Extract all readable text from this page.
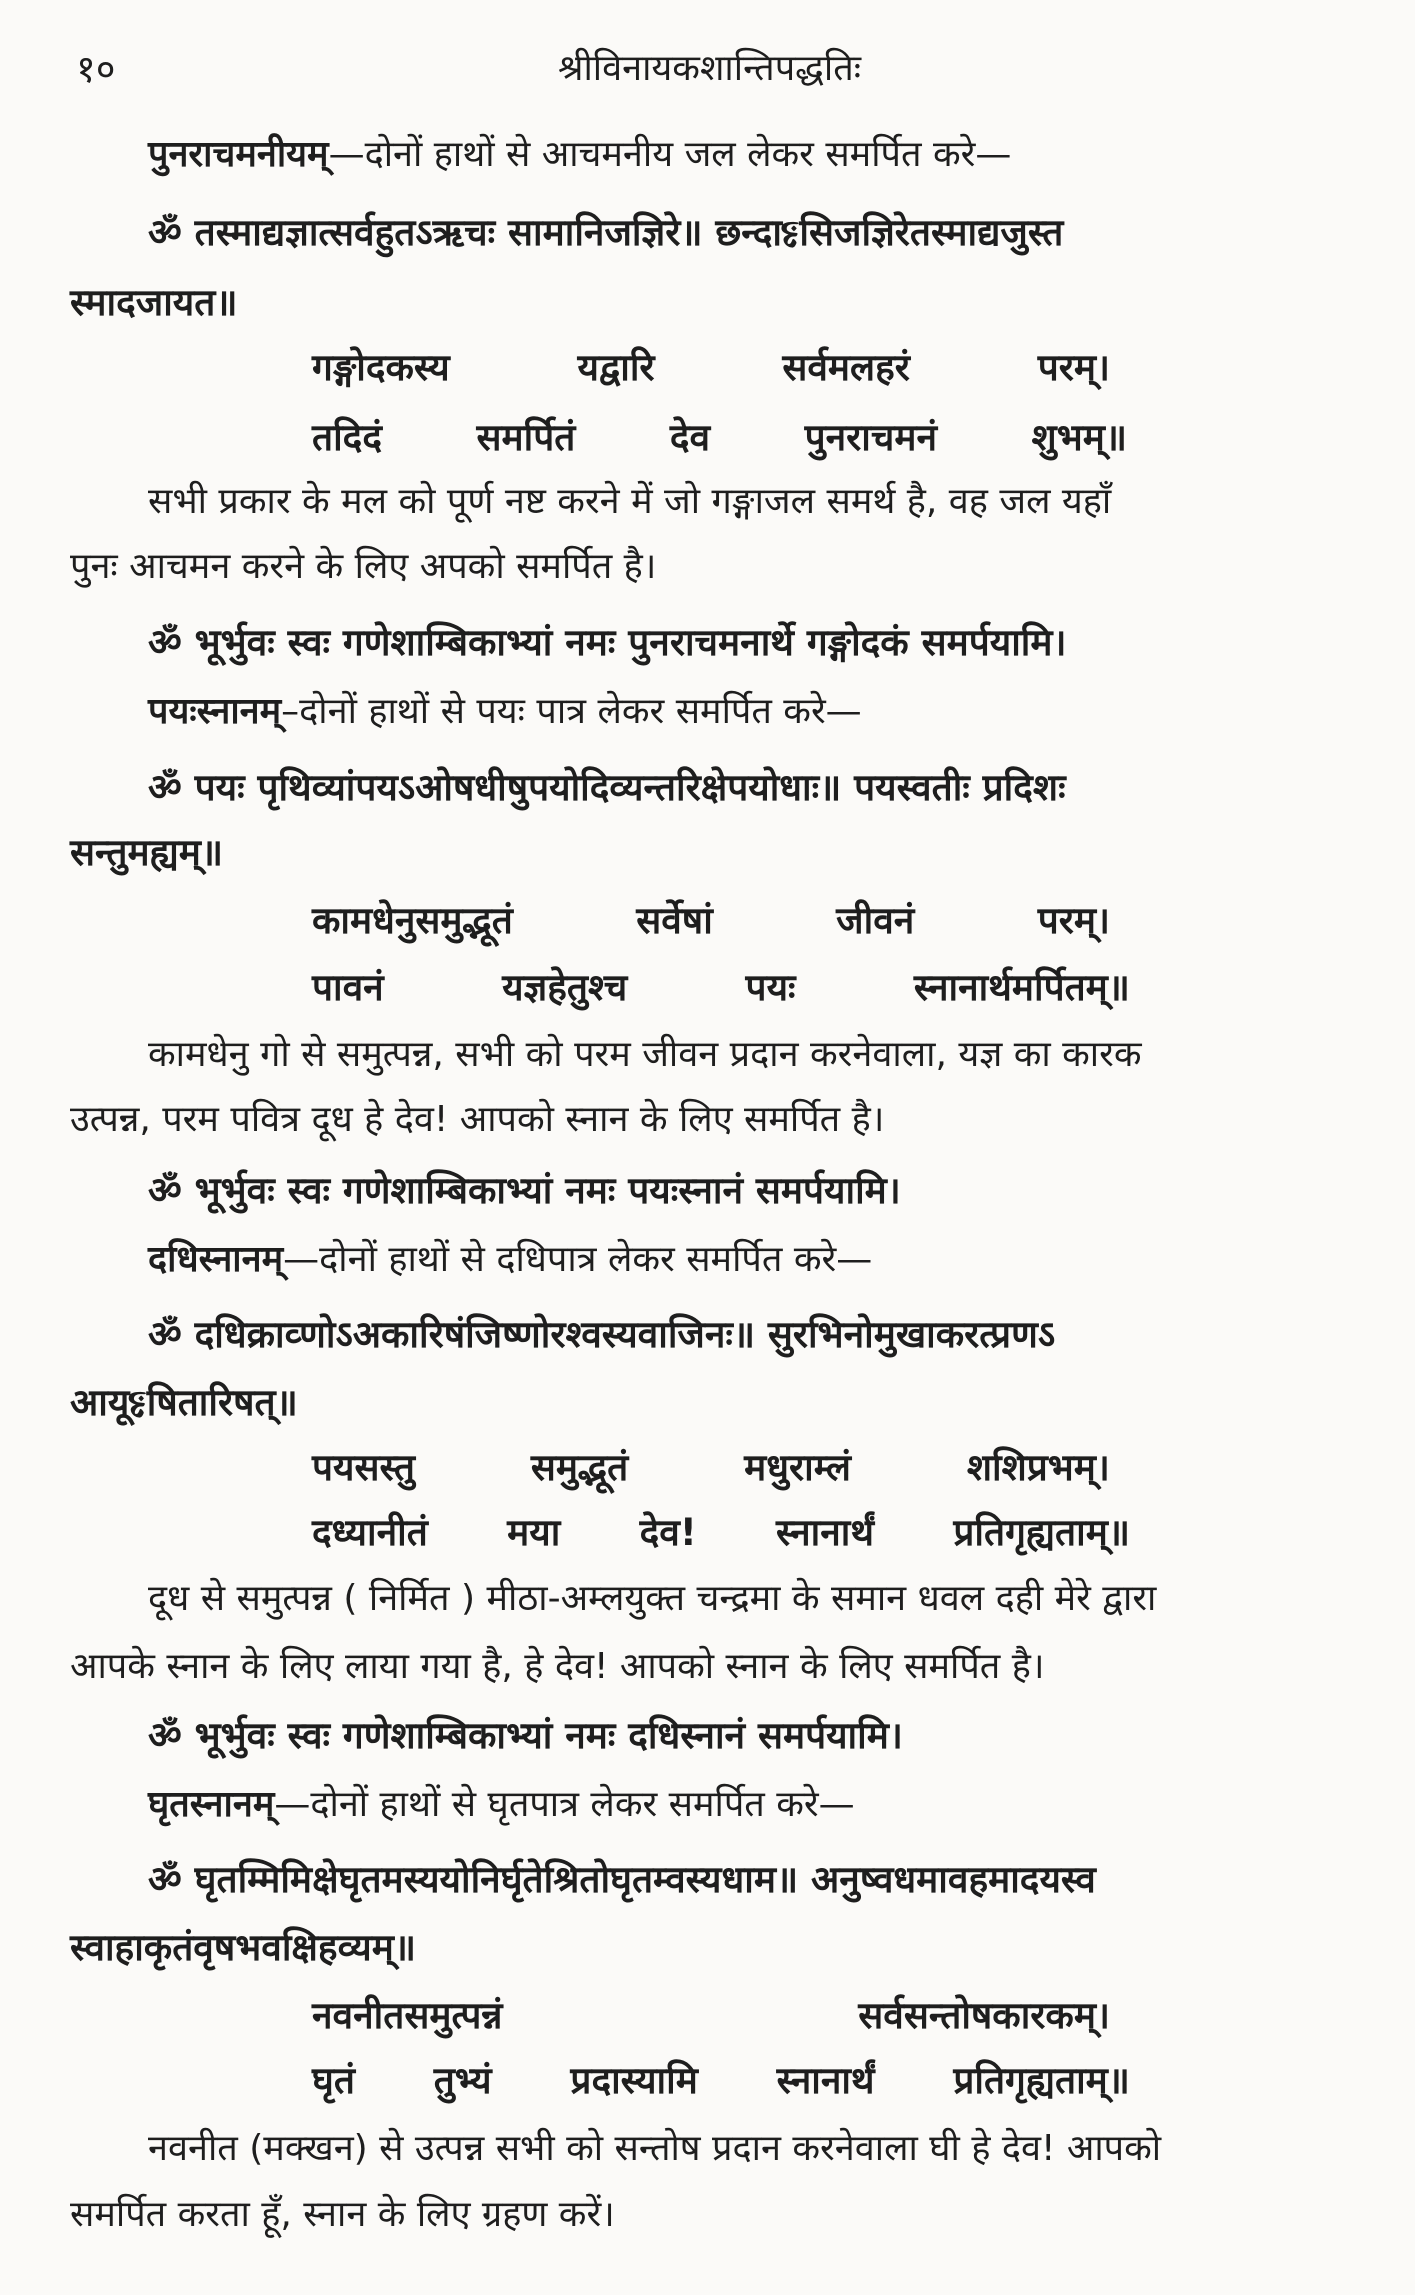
१०	श्रीविनायकशान्तिपद्धतिः
पुनराचमनीयम्—दोनों हाथों से आचमनीय जल लेकर समर्पित करे—
ॐ तस्माद्यज्ञात्सर्वहुतऽऋचः सामानिजज्ञिरे॥ छन्दाᳯसिजज्ञिरेतस्माद्यजुस्त
स्मादजायत॥
गङ्गोदकस्य	यद्वारि	सर्वमलहरं	परम्।
तदिदं	समर्पितं	देव	पुनराचमनं	शुभम्॥
सभी प्रकार के मल को पूर्ण नष्ट करने में जो गङ्गाजल समर्थ है, वह जल यहाँ
पुनः आचमन करने के लिए अपको समर्पित है।
ॐ भूर्भुवः स्वः गणेशाम्बिकाभ्यां नमः पुनराचमनार्थे गङ्गोदकं समर्पयामि।
पयःस्नानम्–दोनों हाथों से पयः पात्र लेकर समर्पित करे—
ॐ पयः पृथिव्यांपयऽओषधीषुपयोदिव्यन्तरिक्षेपयोधाः॥ पयस्वतीः प्रदिशः
सन्तुमह्यम्॥
कामधेनुसमुद्भूतं	सर्वेषां	जीवनं	परम्।
पावनं	यज्ञहेतुश्च	पयः	स्नानार्थमर्पितम्॥
कामधेनु गो से समुत्पन्न, सभी को परम जीवन प्रदान करनेवाला, यज्ञ का कारक
उत्पन्न, परम पवित्र दूध हे देव! आपको स्नान के लिए समर्पित है।
ॐ भूर्भुवः स्वः गणेशाम्बिकाभ्यां नमः पयःस्नानं समर्पयामि।
दधिस्नानम्—दोनों हाथों से दधिपात्र लेकर समर्पित करे—
ॐ दधिक्राव्णोऽअकारिषंजिष्णोरश्वस्यवाजिनः॥ सुरभिनोमुखाकरत्प्रणऽ
आयूᳯषितारिषत्॥
पयसस्तु	समुद्भूतं	मधुराम्लं	शशिप्रभम्।
दध्यानीतं मया देव! स्नानार्थं प्रतिगृह्यताम्॥
दूध से समुत्पन्न ( निर्मित ) मीठा-अम्लयुक्त चन्द्रमा के समान धवल दही मेरे द्वारा
आपके स्नान के लिए लाया गया है, हे देव! आपको स्नान के लिए समर्पित है।
ॐ भूर्भुवः स्वः गणेशाम्बिकाभ्यां नमः दधिस्नानं समर्पयामि।
घृतस्नानम्—दोनों हाथों से घृतपात्र लेकर समर्पित करे—
ॐ घृतम्मिमिक्षेघृतमस्ययोनिर्घृतेश्रितोघृतम्वस्यधाम॥ अनुष्वधमावहमादयस्व
स्वाहाकृतंवृषभवक्षिहव्यम्॥
नवनीतसमुत्पन्नं	सर्वसन्तोषकारकम्।
घृतं तुभ्यं प्रदास्यामि स्नानार्थं प्रतिगृह्यताम्॥
नवनीत (मक्खन) से उत्पन्न सभी को सन्तोष प्रदान करनेवाला घी हे देव! आपको
समर्पित करता हूँ, स्नान के लिए ग्रहण करें।
